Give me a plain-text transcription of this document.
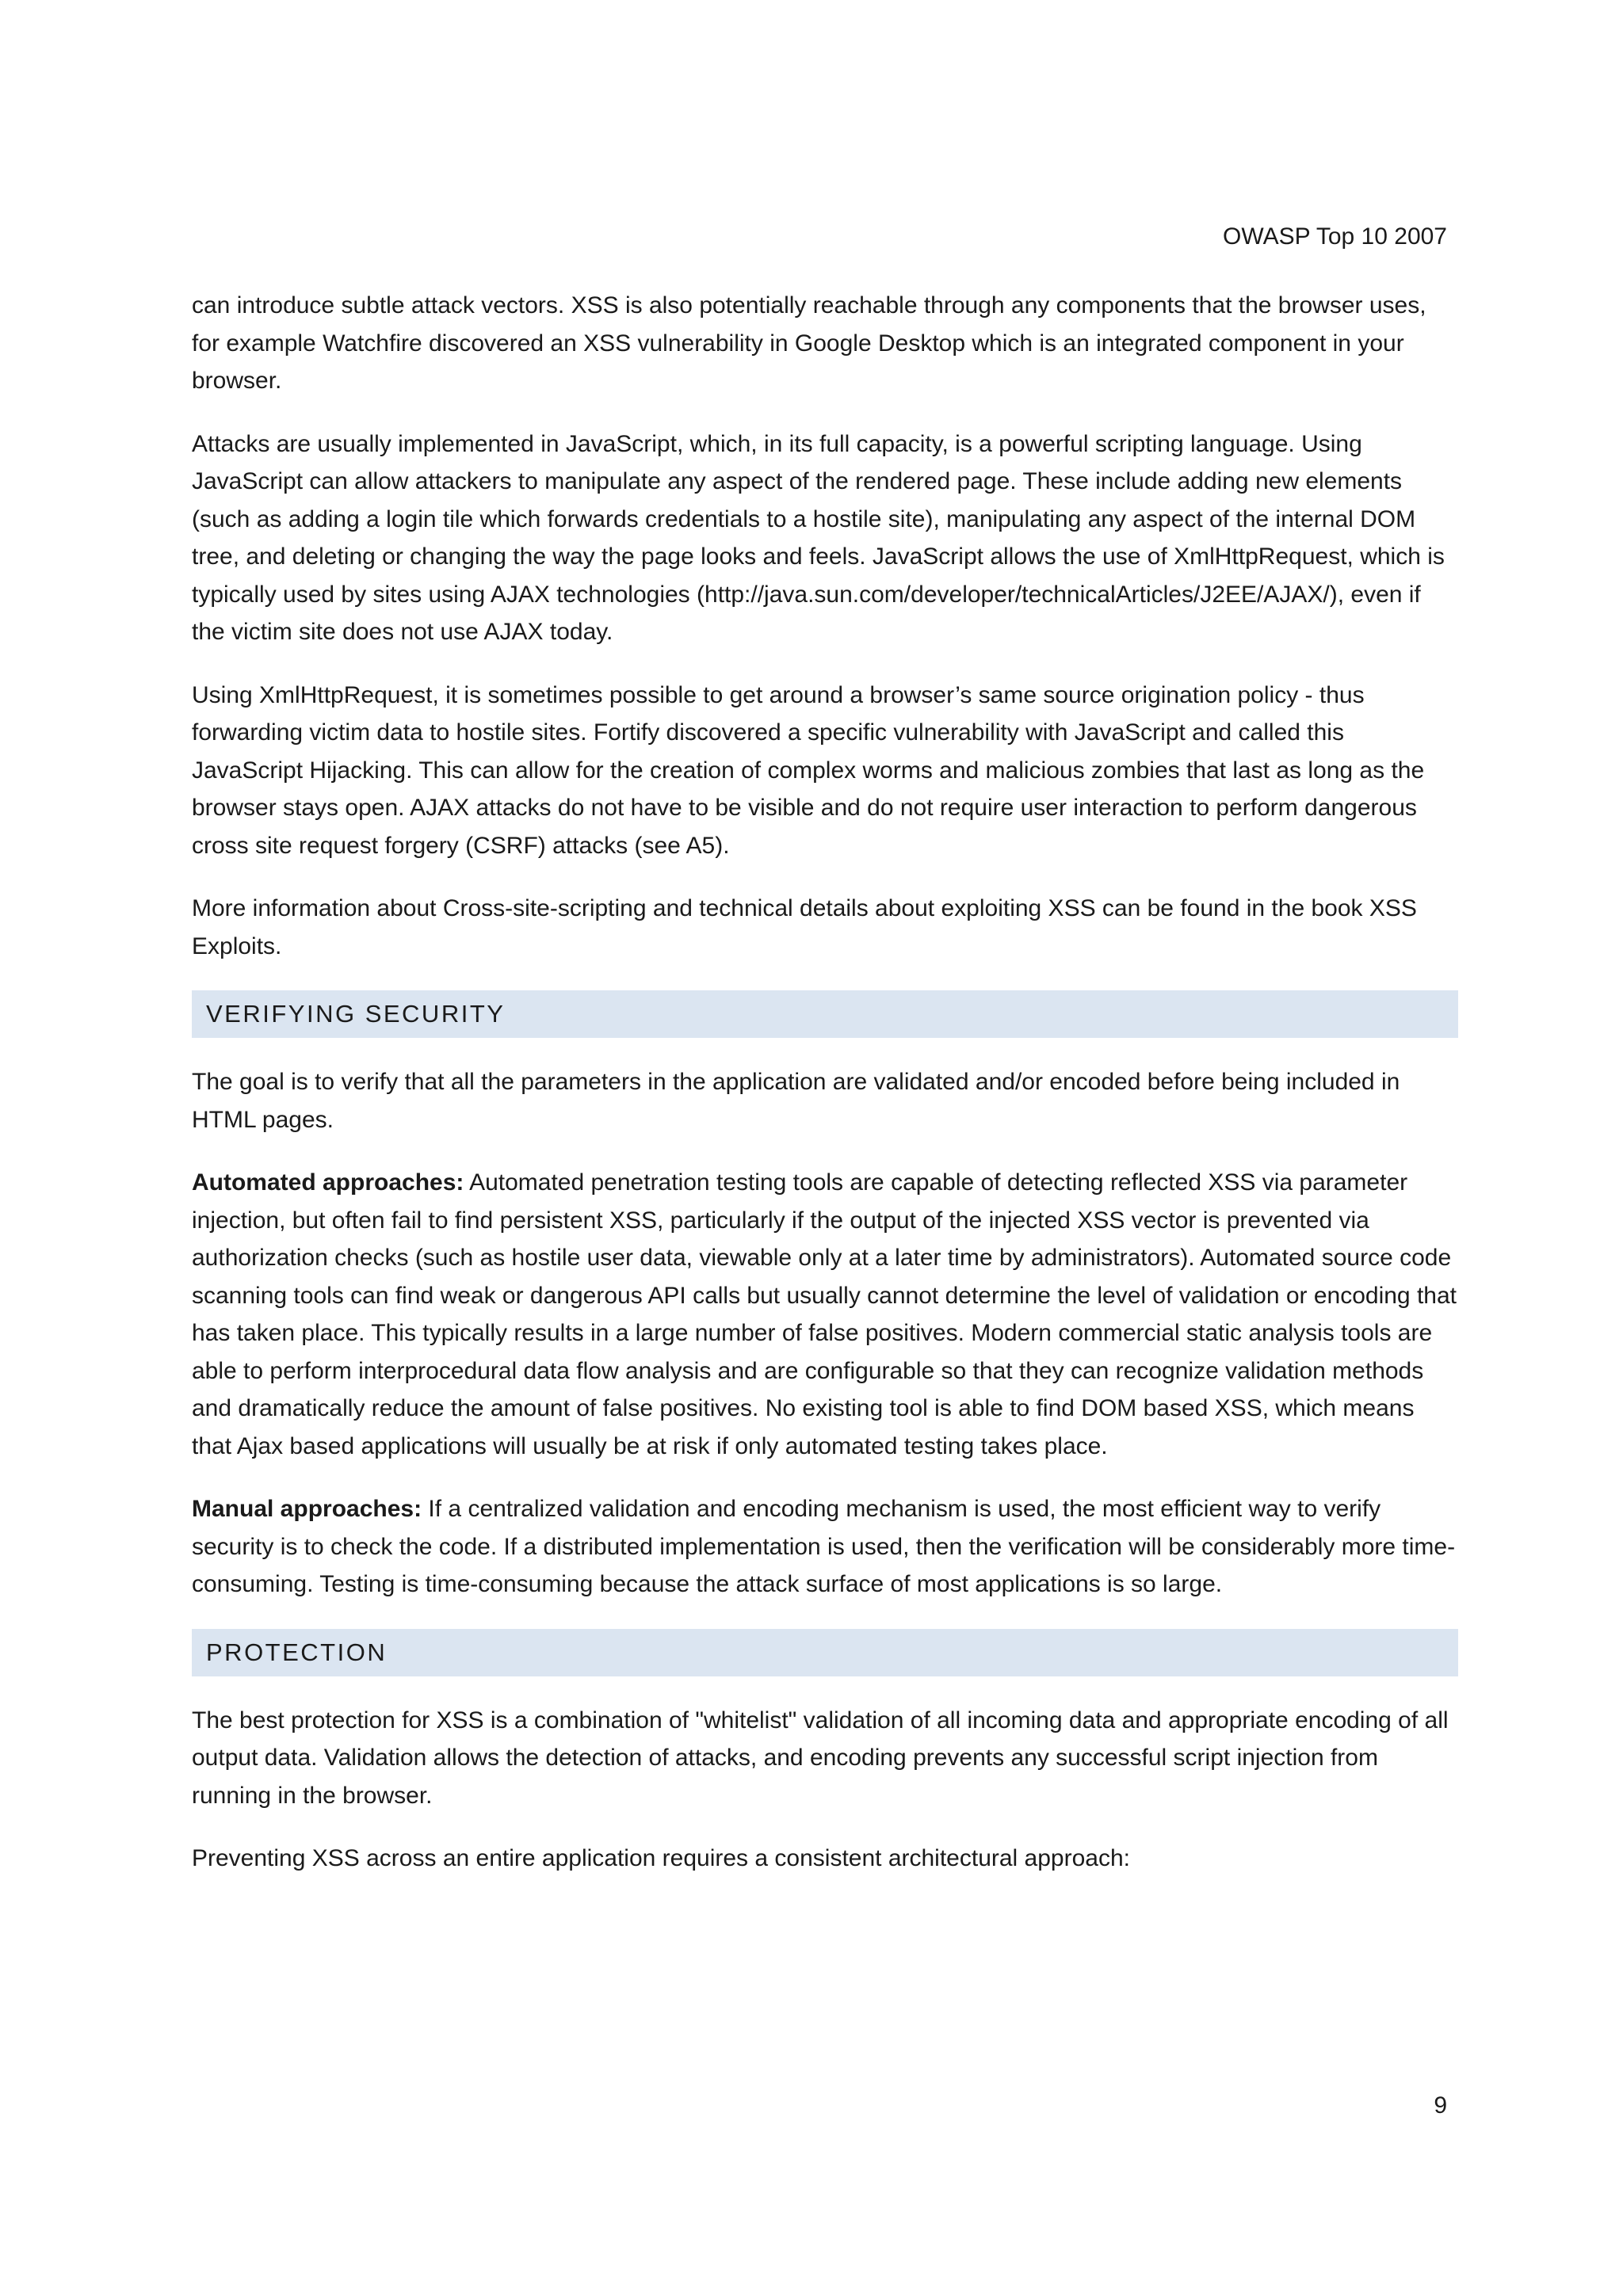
OWASP Top 10 2007

can introduce subtle attack vectors. XSS is also potentially reachable through any components that the browser uses, for example Watchfire discovered an XSS vulnerability in Google Desktop which is an integrated component in your browser.

Attacks are usually implemented in JavaScript, which, in its full capacity, is a powerful scripting language. Using JavaScript can allow attackers to manipulate any aspect of the rendered page. These include adding new elements (such as adding a login tile which forwards credentials to a hostile site), manipulating any aspect of the internal DOM tree, and deleting or changing the way the page looks and feels. JavaScript allows the use of XmlHttpRequest, which is typically used by sites using AJAX technologies (http://java.sun.com/developer/technicalArticles/J2EE/AJAX/), even if the victim site does not use AJAX today.

Using XmlHttpRequest, it is sometimes possible to get around a browser’s same source origination policy - thus forwarding victim data to hostile sites. Fortify discovered a specific vulnerability with JavaScript and called this JavaScript Hijacking. This can allow for the creation of complex worms and malicious zombies that last as long as the browser stays open. AJAX attacks do not have to be visible and do not require user interaction to perform dangerous cross site request forgery (CSRF) attacks (see A5).

More information about Cross-site-scripting and technical details about exploiting XSS can be found in the book XSS Exploits.

VERIFYING SECURITY

The goal is to verify that all the parameters in the application are validated and/or encoded before being included in HTML pages.

Automated approaches: Automated penetration testing tools are capable of detecting reflected XSS via parameter injection, but often fail to find persistent XSS, particularly if the output of the injected XSS vector is prevented via authorization checks (such as hostile user data, viewable only at a later time by administrators). Automated source code scanning tools can find weak or dangerous API calls but usually cannot determine the level of validation or encoding that has taken place. This typically results in a large number of false positives. Modern commercial static analysis tools are able to perform interprocedural data flow analysis and are configurable so that they can recognize validation methods and dramatically reduce the amount of false positives. No existing tool is able to find DOM based XSS, which means that Ajax based applications will usually be at risk if only automated testing takes place.

Manual approaches: If a centralized validation and encoding mechanism is used, the most efficient way to verify security is to check the code. If a distributed implementation is used, then the verification will be considerably more time-consuming. Testing is time-consuming because the attack surface of most applications is so large.

PROTECTION

The best protection for XSS is a combination of "whitelist" validation of all incoming data and appropriate encoding of all output data. Validation allows the detection of attacks, and encoding prevents any successful script injection from running in the browser.

Preventing XSS across an entire application requires a consistent architectural approach:

9
